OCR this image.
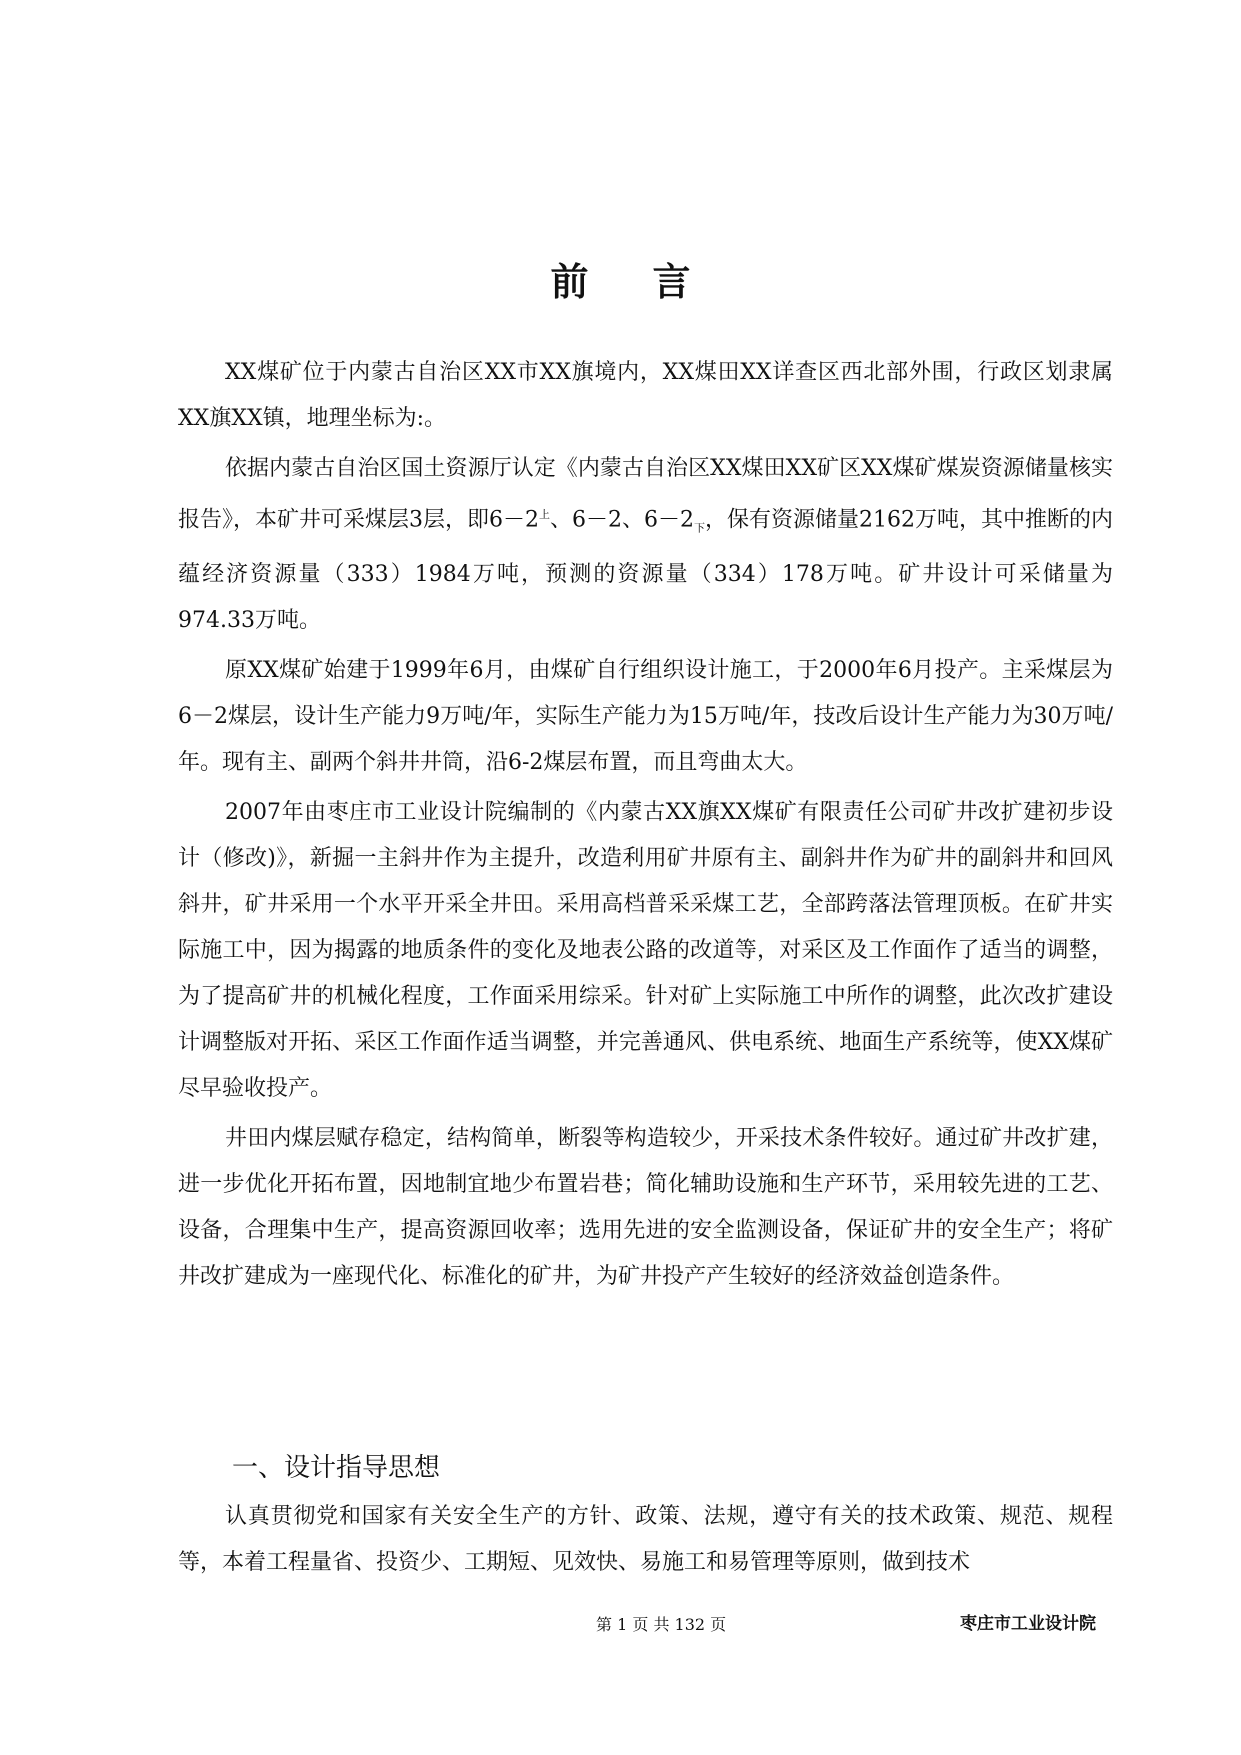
前言

XX煤矿位于内蒙古自治区XX市XX旗境内，XX煤田XX详查区西北部外围，行政区划隶属XX旗XX镇，地理坐标为:。

依据内蒙古自治区国土资源厅认定《内蒙古自治区XX煤田XX矿区XX煤矿煤炭资源储量核实报告》，本矿井可采煤层3层，即$6-2^上$、6－2、$6-2_下$，保有资源储量2162万吨，其中推断的内蕴经济资源量（333）1984万吨，预测的资源量（334）178万吨。矿井设计可采储量为974.33万吨。

原XX煤矿始建于1999年6月，由煤矿自行组织设计施工，于2000年6月投产。主采煤层为6－2煤层，设计生产能力9万吨/年，实际生产能力为15万吨/年，技改后设计生产能力为30万吨/年。现有主、副两个斜井井筒，沿6-2煤层布置，而且弯曲太大。

2007年由枣庄市工业设计院编制的《内蒙古XX旗XX煤矿有限责任公司矿井改扩建初步设计（修改)》，新掘一主斜井作为主提升，改造利用矿井原有主、副斜井作为矿井的副斜井和回风斜井，矿井采用一个水平开采全井田。采用高档普采采煤工艺，全部跨落法管理顶板。在矿井实际施工中，因为揭露的地质条件的变化及地表公路的改道等，对采区及工作面作了适当的调整，为了提高矿井的机械化程度，工作面采用综采。针对矿上实际施工中所作的调整，此次改扩建设计调整版对开拓、采区工作面作适当调整，并完善通风、供电系统、地面生产系统等，使XX煤矿尽早验收投产。

井田内煤层赋存稳定，结构简单，断裂等构造较少，开采技术条件较好。通过矿井改扩建，进一步优化开拓布置，因地制宜地少布置岩巷；简化辅助设施和生产环节，采用较先进的工艺、设备，合理集中生产，提高资源回收率；选用先进的安全监测设备，保证矿井的安全生产；将矿井改扩建成为一座现代化、标准化的矿井，为矿井投产产生较好的经济效益创造条件。

一、设计指导思想

认真贯彻党和国家有关安全生产的方针、政策、法规，遵守有关的技术政策、规范、规程等，本着工程量省、投资少、工期短、见效快、易施工和易管理等原则，做到技术

第 1 页 共 132 页	枣庄市工业设计院
